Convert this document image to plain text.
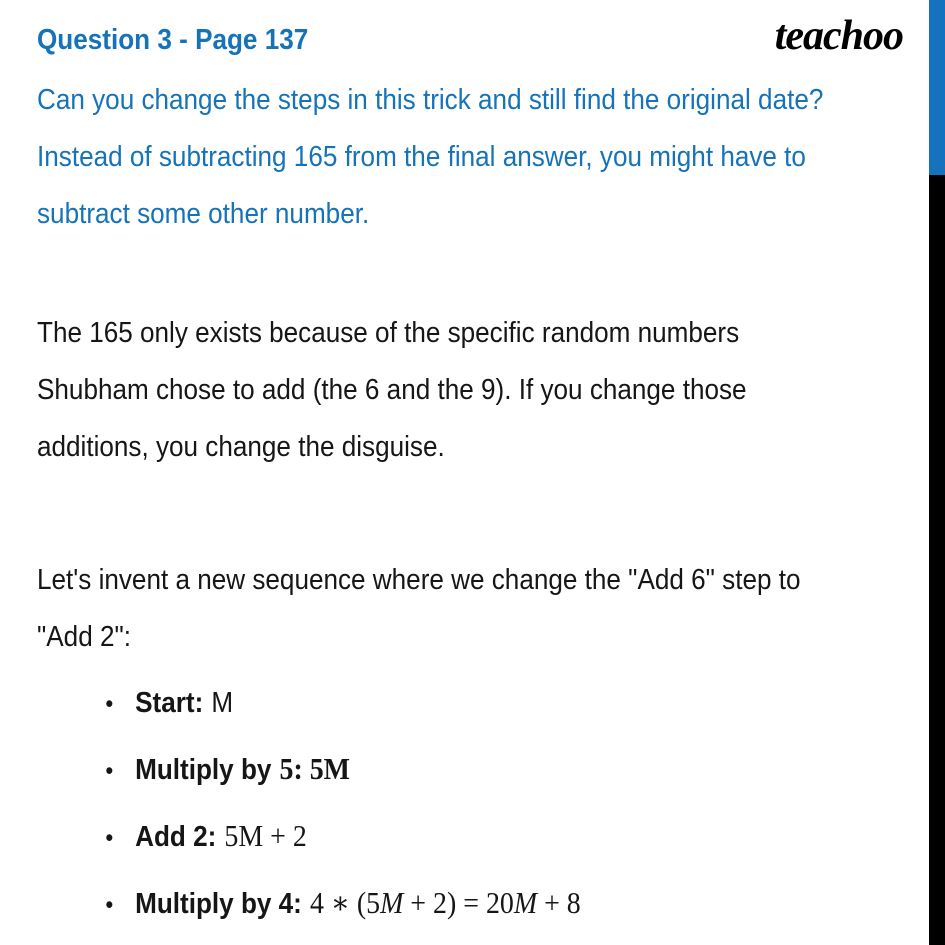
teachoo
Question 3 - Page 137
Can you change the steps in this trick and still find the original date?
Instead of subtracting 165 from the final answer, you might have to
subtract some other number.
The 165 only exists because of the specific random numbers
Shubham chose to add (the 6 and the 9). If you change those
additions, you change the disguise.
Let's invent a new sequence where we change the "Add 6" step to
"Add 2":
• Start: M
• Multiply by 5: 5M
• Add 2: 5M + 2
• Multiply by 4: 4 ∗ (5M + 2) = 20M + 8
